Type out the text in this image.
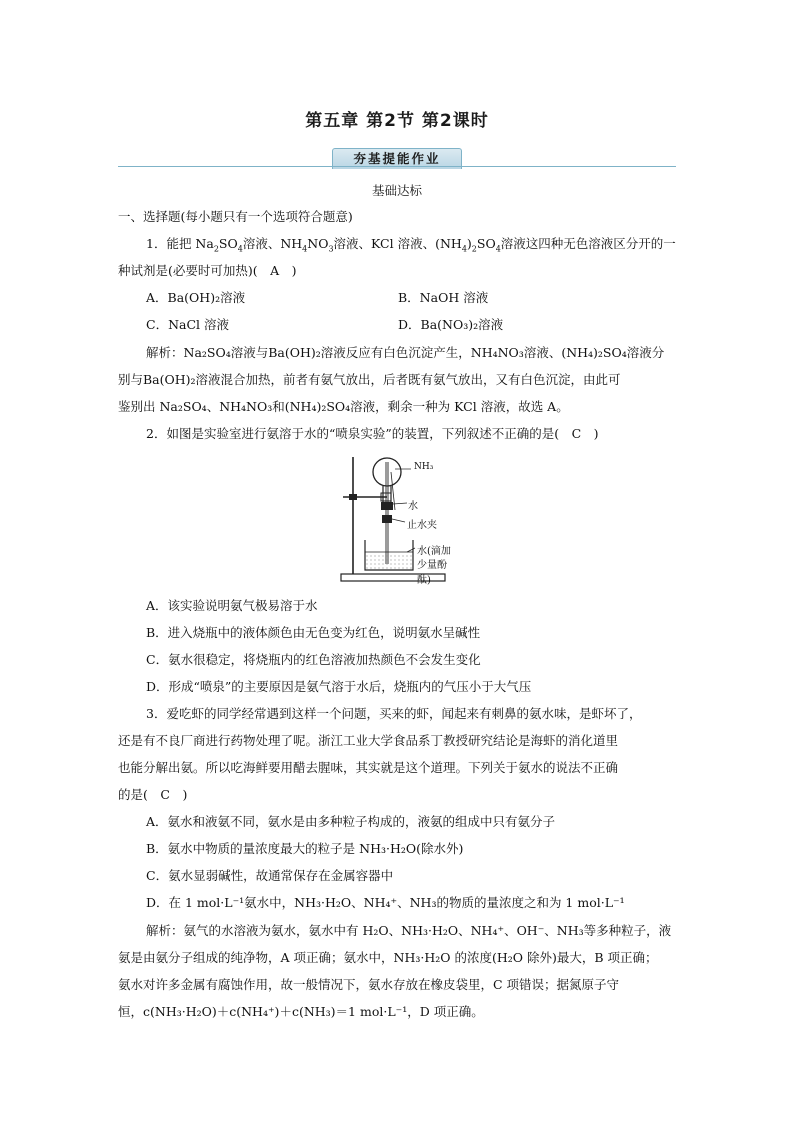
第五章 第2节 第2课时
夯基提能作业
基础达标
一、选择题(每小题只有一个选项符合题意)
1．能把 $Na_2SO_4$溶液、$NH_4NO_3$溶液、KCl 溶液、$(NH_4)_2SO_4$溶液这四种无色溶液区分开的一
种试剂是(必要时可加热)(　A　)
A．Ba(OH)₂溶液	B．NaOH 溶液
C．NaCl 溶液	D．Ba(NO₃)₂溶液
解析：Na₂SO₄溶液与Ba(OH)₂溶液反应有白色沉淀产生，NH₄NO₃溶液、(NH₄)₂SO₄溶液分
别与Ba(OH)₂溶液混合加热，前者有氨气放出，后者既有氨气放出，又有白色沉淀，由此可
鉴别出 Na₂SO₄、NH₄NO₃和(NH₄)₂SO₄溶液，剩余一种为 KCl 溶液，故选 A。
2．如图是实验室进行氨溶于水的“喷泉实验”的装置，下列叙述不正确的是(　C　)
NH₃
水
止水夹
水(滴加
少量酚酞)
A．该实验说明氨气极易溶于水
B．进入烧瓶中的液体颜色由无色变为红色，说明氨水呈碱性
C．氨水很稳定，将烧瓶内的红色溶液加热颜色不会发生变化
D．形成“喷泉”的主要原因是氨气溶于水后，烧瓶内的气压小于大气压
3．爱吃虾的同学经常遇到这样一个问题，买来的虾，闻起来有刺鼻的氨水味，是虾坏了，
还是有不良厂商进行药物处理了呢。浙江工业大学食品系丁教授研究结论是海虾的消化道里
也能分解出氨。所以吃海鲜要用醋去腥味，其实就是这个道理。下列关于氨水的说法不正确
的是(　C　)
A．氨水和液氨不同，氨水是由多种粒子构成的，液氨的组成中只有氨分子
B．氨水中物质的量浓度最大的粒子是 NH₃·H₂O(除水外)
C．氨水显弱碱性，故通常保存在金属容器中
D．在 1 mol·L⁻¹氨水中，NH₃·H₂O、NH₄⁺、NH₃的物质的量浓度之和为 1 mol·L⁻¹
解析：氨气的水溶液为氨水，氨水中有 H₂O、NH₃·H₂O、NH₄⁺、OH⁻、NH₃等多种粒子，液
氨是由氨分子组成的纯净物，A 项正确；氨水中，NH₃·H₂O 的浓度(H₂O 除外)最大，B 项正确；
氨水对许多金属有腐蚀作用，故一般情况下，氨水存放在橡皮袋里，C 项错误；据氮原子守
恒，c(NH₃·H₂O)＋c(NH₄⁺)＋c(NH₃)＝1 mol·L⁻¹，D 项正确。
